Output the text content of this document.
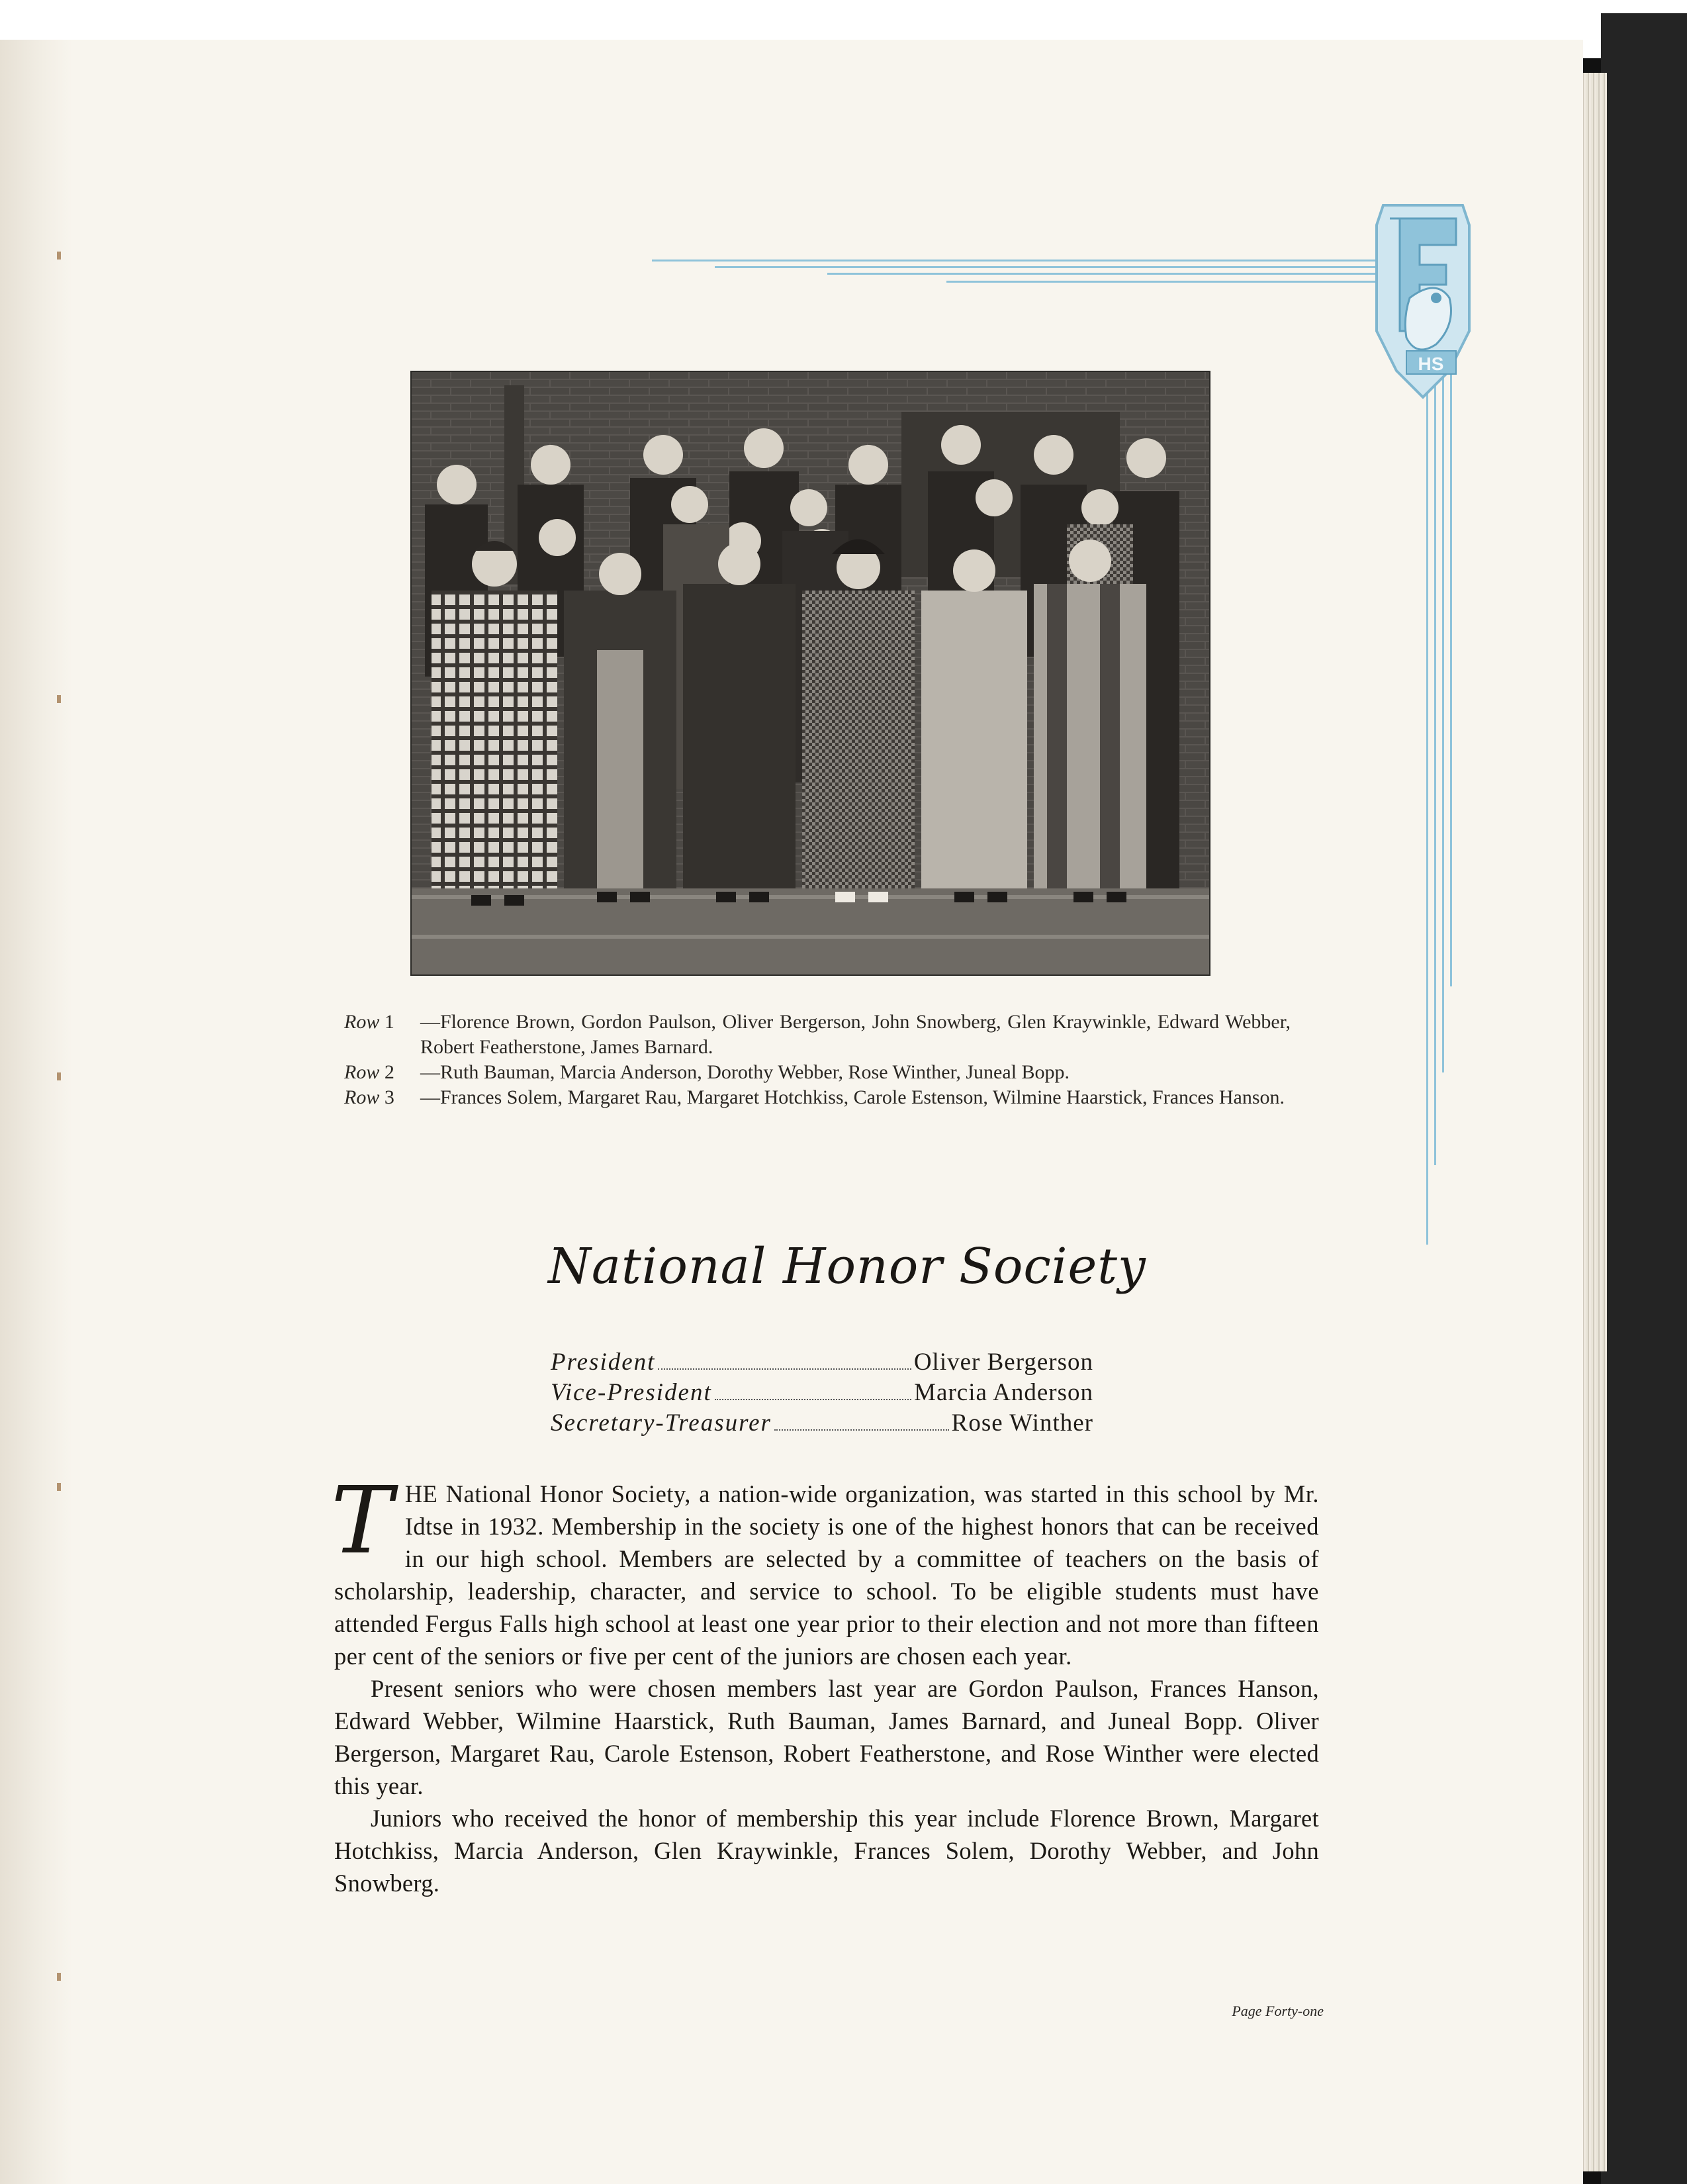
HS
Row 1 —Florence Brown, Gordon Paulson, Oliver Bergerson, John Snowberg, Glen Kraywinkle, Edward Webber, Robert Featherstone, James Barnard.
Row 2 —Ruth Bauman, Marcia Anderson, Dorothy Webber, Rose Winther, Juneal Bopp.
Row 3 —Frances Solem, Margaret Rau, Margaret Hotchkiss, Carole Estenson, Wilmine Haarstick, Frances Hanson.
National Honor Society
President	Oliver Bergerson
Vice-President	Marcia Anderson
Secretary-Treasurer	Rose Winther

THE National Honor Society, a nation-wide organization, was started in this school by Mr. Idtse in 1932. Membership in the society is one of the highest honors that can be received in our high school. Members are selected by a committee of teachers on the basis of scholarship, leadership, character, and service to school. To be eligible students must have attended Fergus Falls high school at least one year prior to their election and not more than fifteen per cent of the seniors or five per cent of the juniors are chosen each year.

Present seniors who were chosen members last year are Gordon Paulson, Frances Hanson, Edward Webber, Wilmine Haarstick, Ruth Bauman, James Barnard, and Juneal Bopp. Oliver Bergerson, Margaret Rau, Carole Estenson, Robert Featherstone, and Rose Winther were elected this year.

Juniors who received the honor of membership this year include Florence Brown, Margaret Hotchkiss, Marcia Anderson, Glen Kraywinkle, Frances Solem, Dorothy Webber, and John Snowberg.

Page Forty-one
